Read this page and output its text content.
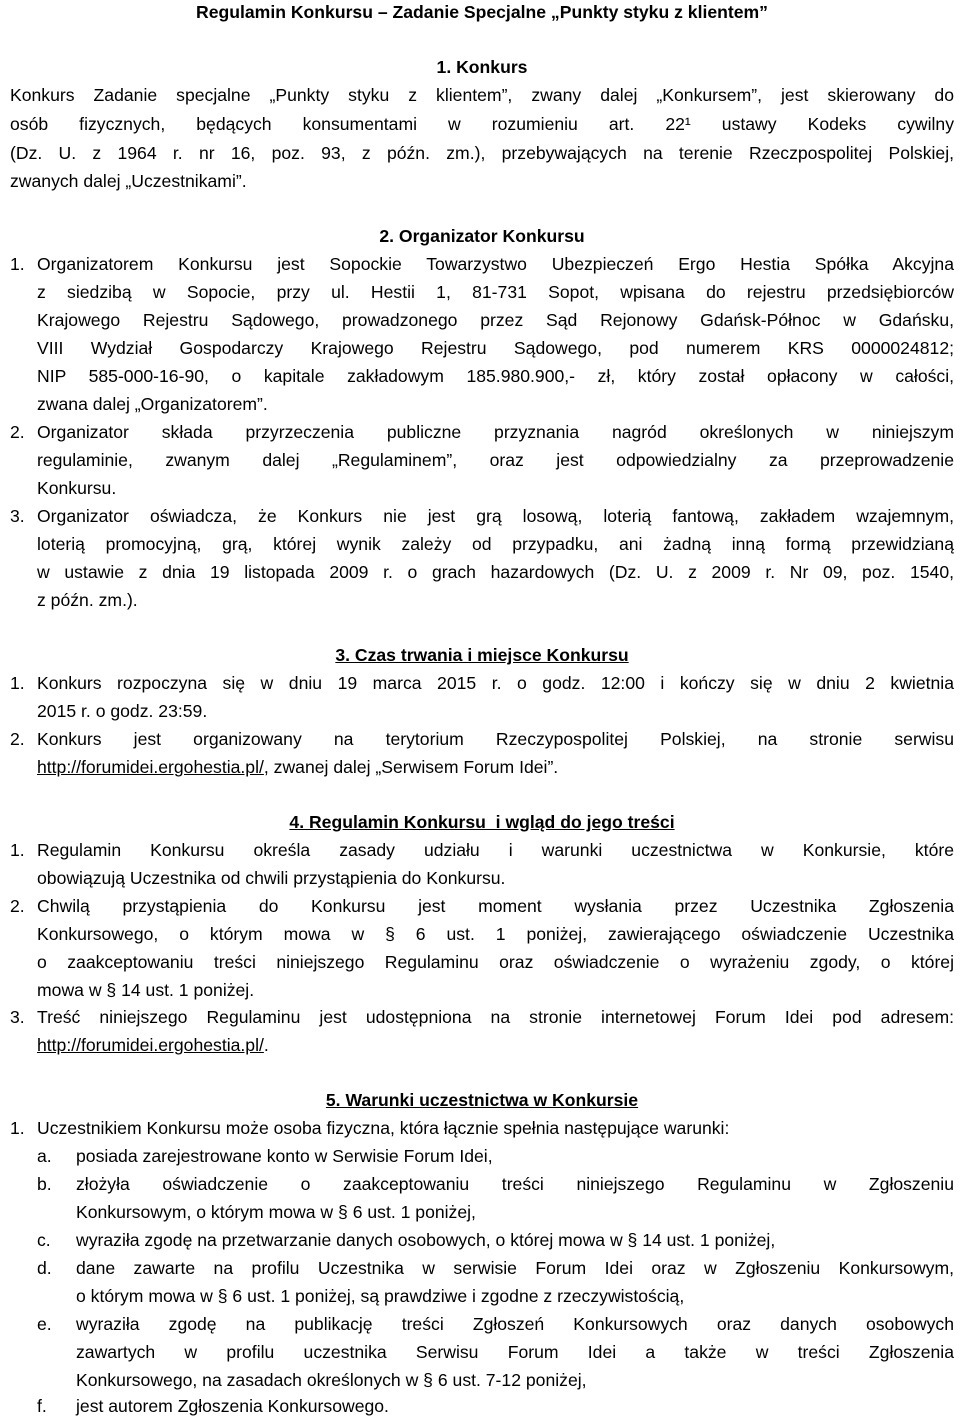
Regulamin Konkursu – Zadanie Specjalne „Punkty styku z klientem”
1. Konkurs
Konkurs Zadanie specjalne „Punkty styku z klientem”, zwany dalej „Konkursem”, jest skierowany do
osób fizycznych, będących konsumentami w rozumieniu art. 22¹ ustawy Kodeks cywilny
(Dz. U. z 1964 r. nr 16, poz. 93, z późn. zm.), przebywających na terenie Rzeczpospolitej Polskiej,
zwanych dalej „Uczestnikami”.
2. Organizator Konkursu
1. Organizatorem Konkursu jest Sopockie Towarzystwo Ubezpieczeń Ergo Hestia Spółka Akcyjna
z siedzibą w Sopocie, przy ul. Hestii 1, 81-731 Sopot, wpisana do rejestru przedsiębiorców
Krajowego Rejestru Sądowego, prowadzonego przez Sąd Rejonowy Gdańsk-Północ w Gdańsku,
VIII Wydział Gospodarczy Krajowego Rejestru Sądowego, pod numerem KRS 0000024812;
NIP 585-000-16-90, o kapitale zakładowym 185.980.900,- zł, który został opłacony w całości,
zwana dalej „Organizatorem”.
2. Organizator składa przyrzeczenia publiczne przyznania nagród określonych w niniejszym
regulaminie, zwanym dalej „Regulaminem”, oraz jest odpowiedzialny za przeprowadzenie
Konkursu.
3. Organizator oświadcza, że Konkurs nie jest grą losową, loterią fantową, zakładem wzajemnym,
loterią promocyjną, grą, której wynik zależy od przypadku, ani żadną inną formą przewidzianą
w ustawie z dnia 19 listopada 2009 r. o grach hazardowych (Dz. U. z 2009 r. Nr 09, poz. 1540,
z późn. zm.).
3. Czas trwania i miejsce Konkursu
1. Konkurs rozpoczyna się w dniu 19 marca 2015 r. o godz. 12:00 i kończy się w dniu 2 kwietnia
2015 r. o godz. 23:59.
2. Konkurs jest organizowany na terytorium Rzeczypospolitej Polskiej, na stronie serwisu
http://forumidei.ergohestia.pl/, zwanej dalej „Serwisem Forum Idei”.
4. Regulamin Konkursu  i wgląd do jego treści
1. Regulamin Konkursu określa zasady udziału i warunki uczestnictwa w Konkursie, które
obowiązują Uczestnika od chwili przystąpienia do Konkursu.
2. Chwilą przystąpienia do Konkursu jest moment wysłania przez Uczestnika Zgłoszenia
Konkursowego, o którym mowa w § 6 ust. 1 poniżej, zawierającego oświadczenie Uczestnika
o zaakceptowaniu treści niniejszego Regulaminu oraz oświadczenie o wyrażeniu zgody, o której
mowa w § 14 ust. 1 poniżej.
3. Treść niniejszego Regulaminu jest udostępniona na stronie internetowej Forum Idei pod adresem:
http://forumidei.ergohestia.pl/.
5. Warunki uczestnictwa w Konkursie
1. Uczestnikiem Konkursu może osoba fizyczna, która łącznie spełnia następujące warunki:
a. posiada zarejestrowane konto w Serwisie Forum Idei,
b. złożyła oświadczenie o zaakceptowaniu treści niniejszego Regulaminu w Zgłoszeniu
Konkursowym, o którym mowa w § 6 ust. 1 poniżej,
c. wyraziła zgodę na przetwarzanie danych osobowych, o której mowa w § 14 ust. 1 poniżej,
d. dane zawarte na profilu Uczestnika w serwisie Forum Idei oraz w Zgłoszeniu Konkursowym,
o którym mowa w § 6 ust. 1 poniżej, są prawdziwe i zgodne z rzeczywistością,
e. wyraziła zgodę na publikację treści Zgłoszeń Konkursowych oraz danych osobowych
zawartych w profilu uczestnika Serwisu Forum Idei a także w treści Zgłoszenia
Konkursowego, na zasadach określonych w § 6 ust. 7-12 poniżej,
f. jest autorem Zgłoszenia Konkursowego.
